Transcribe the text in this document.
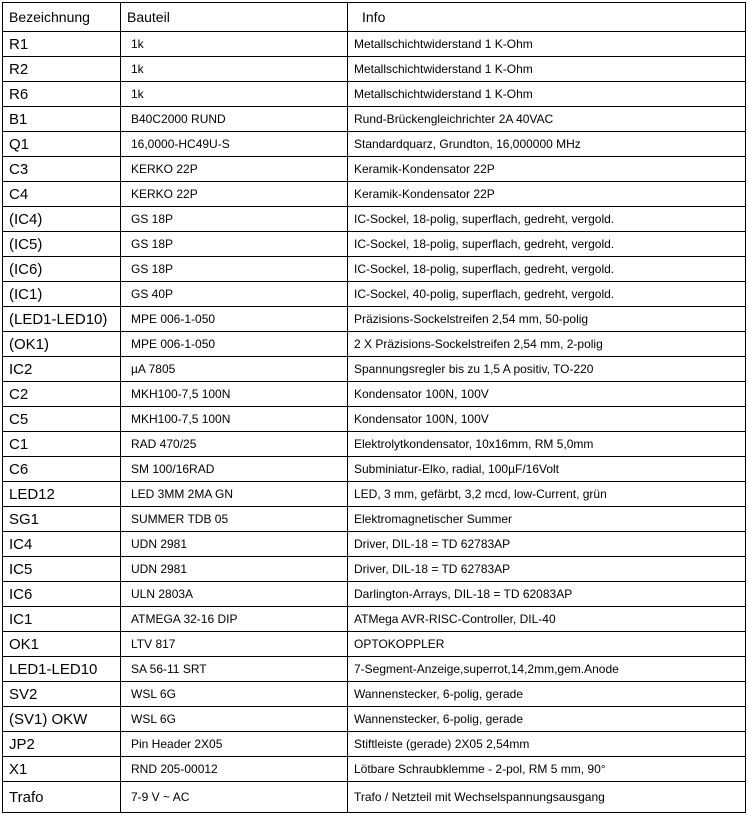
Bezeichnung	Bauteil	Info
R1	1k	Metallschichtwiderstand 1 K-Ohm
R2	1k	Metallschichtwiderstand 1 K-Ohm
R6	1k	Metallschichtwiderstand 1 K-Ohm
B1	B40C2000 RUND	Rund-Brückengleichrichter 2A 40VAC
Q1	16,0000-HC49U-S	Standardquarz, Grundton, 16,000000 MHz
C3	KERKO 22P	Keramik-Kondensator 22P
C4	KERKO 22P	Keramik-Kondensator 22P
(IC4)	GS 18P	IC-Sockel, 18-polig, superflach, gedreht, vergold.
(IC5)	GS 18P	IC-Sockel, 18-polig, superflach, gedreht, vergold.
(IC6)	GS 18P	IC-Sockel, 18-polig, superflach, gedreht, vergold.
(IC1)	GS 40P	IC-Sockel, 40-polig, superflach, gedreht, vergold.
(LED1-LED10)	MPE 006-1-050	Präzisions-Sockelstreifen 2,54 mm, 50-polig
(OK1)	MPE 006-1-050	2 X Präzisions-Sockelstreifen 2,54 mm, 2-polig
IC2	µA 7805	Spannungsregler bis zu 1,5 A positiv, TO-220
C2	MKH100-7,5 100N	Kondensator 100N, 100V
C5	MKH100-7,5 100N	Kondensator 100N, 100V
C1	RAD 470/25	Elektrolytkondensator, 10x16mm, RM 5,0mm
C6	SM 100/16RAD	Subminiatur-Elko, radial, 100µF/16Volt
LED12	LED 3MM 2MA GN	LED, 3 mm, gefärbt, 3,2 mcd, low-Current, grün
SG1	SUMMER TDB 05	Elektromagnetischer Summer
IC4	UDN 2981	Driver, DIL-18 = TD 62783AP
IC5	UDN 2981	Driver, DIL-18 = TD 62783AP
IC6	ULN 2803A	Darlington-Arrays, DIL-18 = TD 62083AP
IC1	ATMEGA 32-16 DIP	ATMega AVR-RISC-Controller, DIL-40
OK1	LTV 817	OPTOKOPPLER
LED1-LED10	SA 56-11 SRT	7-Segment-Anzeige,superrot,14,2mm,gem.Anode
SV2	WSL 6G	Wannenstecker, 6-polig, gerade
(SV1) OKW	WSL 6G	Wannenstecker, 6-polig, gerade
JP2	Pin Header 2X05	Stiftleiste (gerade) 2X05 2,54mm
X1	RND 205-00012	Lötbare Schraubklemme - 2-pol, RM 5 mm, 90°
Trafo	7-9 V ~ AC	Trafo / Netzteil mit Wechselspannungsausgang
